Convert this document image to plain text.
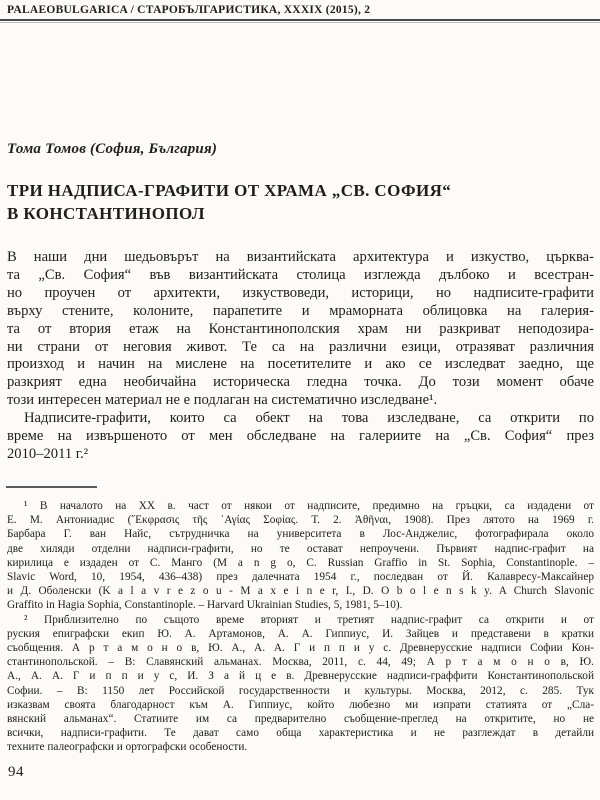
PALAEOBULGARICA / СТАРОБЪЛГАРИСТИКА, XXXIX (2015), 2
Тома Томов (София, България)
ТРИ НАДПИСА-ГРАФИТИ ОТ ХРАМА „СВ. СОФИЯ“
В КОНСТАНТИНОПОЛ
В наши дни шедьовърът на византийската архитектура и изкуство, църква-
та „Св. София“ във византийската столица изглежда дълбоко и всестран-
но проучен от архитекти, изкуствоведи, историци, но надписите-графити
върху стените, колоните, парапетите и мраморната облицовка на галерия-
та от втория етаж на Константинополския храм ни разкриват неподозира-
ни страни от неговия живот. Те са на различни езици, отразяват различния
произход и начин на мислене на посетителите и ако се изследват заедно, ще
разкрият една необичайна историческа гледна точка. До този момент обаче
този интересен материал не е подлаган на систематично изследване¹.
Надписите-графити, които са обект на това изследване, са открити по
време на извършеното от мен обследване на галериите на „Св. София“ през
2010–2011 г.²
¹ В началото на ХХ в. част от някои от надписите, предимно на гръцки, са издадени от
Е. М. Антониадис (῎Εκφρασις τῆς ῾Αγίας Σοφίας. Т. 2. Ἀθῆναι, 1908). През лятото на 1969 г.
Барбара Г. ван Найс, сътрудничка на университета в Лос-Анджелис, фотографирала около
две хиляди отделни надписи-графити, но те остават непроучени. Първият надпис-графит на
кирилица е издаден от С. Манго (M a n g o, C. Russian Graffio in St. Sophia, Constantinople. –
Slavic Word, 10, 1954, 436–438) през далечната 1954 г., последван от Й. Калавресу-Максайнер
и Д. Оболенски (K a l a v r e z o u - M a x e i n e r, I., D. O b o l e n s k y. A Church Slavonic
Graffito in Hagia Sophia, Constantinople. – Harvard Ukrainian Studies, 5, 1981, 5–10).
² Приблизително по същото време вторият и третият надпис-графит са открити и от
руския епиграфски екип Ю. А. Артамонов, А. А. Гиппиус, И. Зайцев и представени в кратки
съобщения. А р т а м о н о в, Ю. А., А. А. Г и п п и у с. Древнерусские надписи Софии Кон-
стантинопольской. – В: Славянский альманах. Москва, 2011, с. 44, 49; А р т а м о н о в, Ю.
А., А. А. Г и п п и у с, И. З а й ц е в. Древнерусские надписи-граффити Константинопольской
Софии. – В: 1150 лет Российской государственности и культуры. Москва, 2012, с. 285. Тук
изказвам своята благодарност към А. Гиппиус, който любезно ми изпрати статията от „Сла-
вянский альманах“. Статиите им са предварително съобщение-преглед на откритите, но не
всички, надписи-графити. Те дават само обща характеристика и не разглеждат в детайли
техните палеографски и ортографски особености.
94
